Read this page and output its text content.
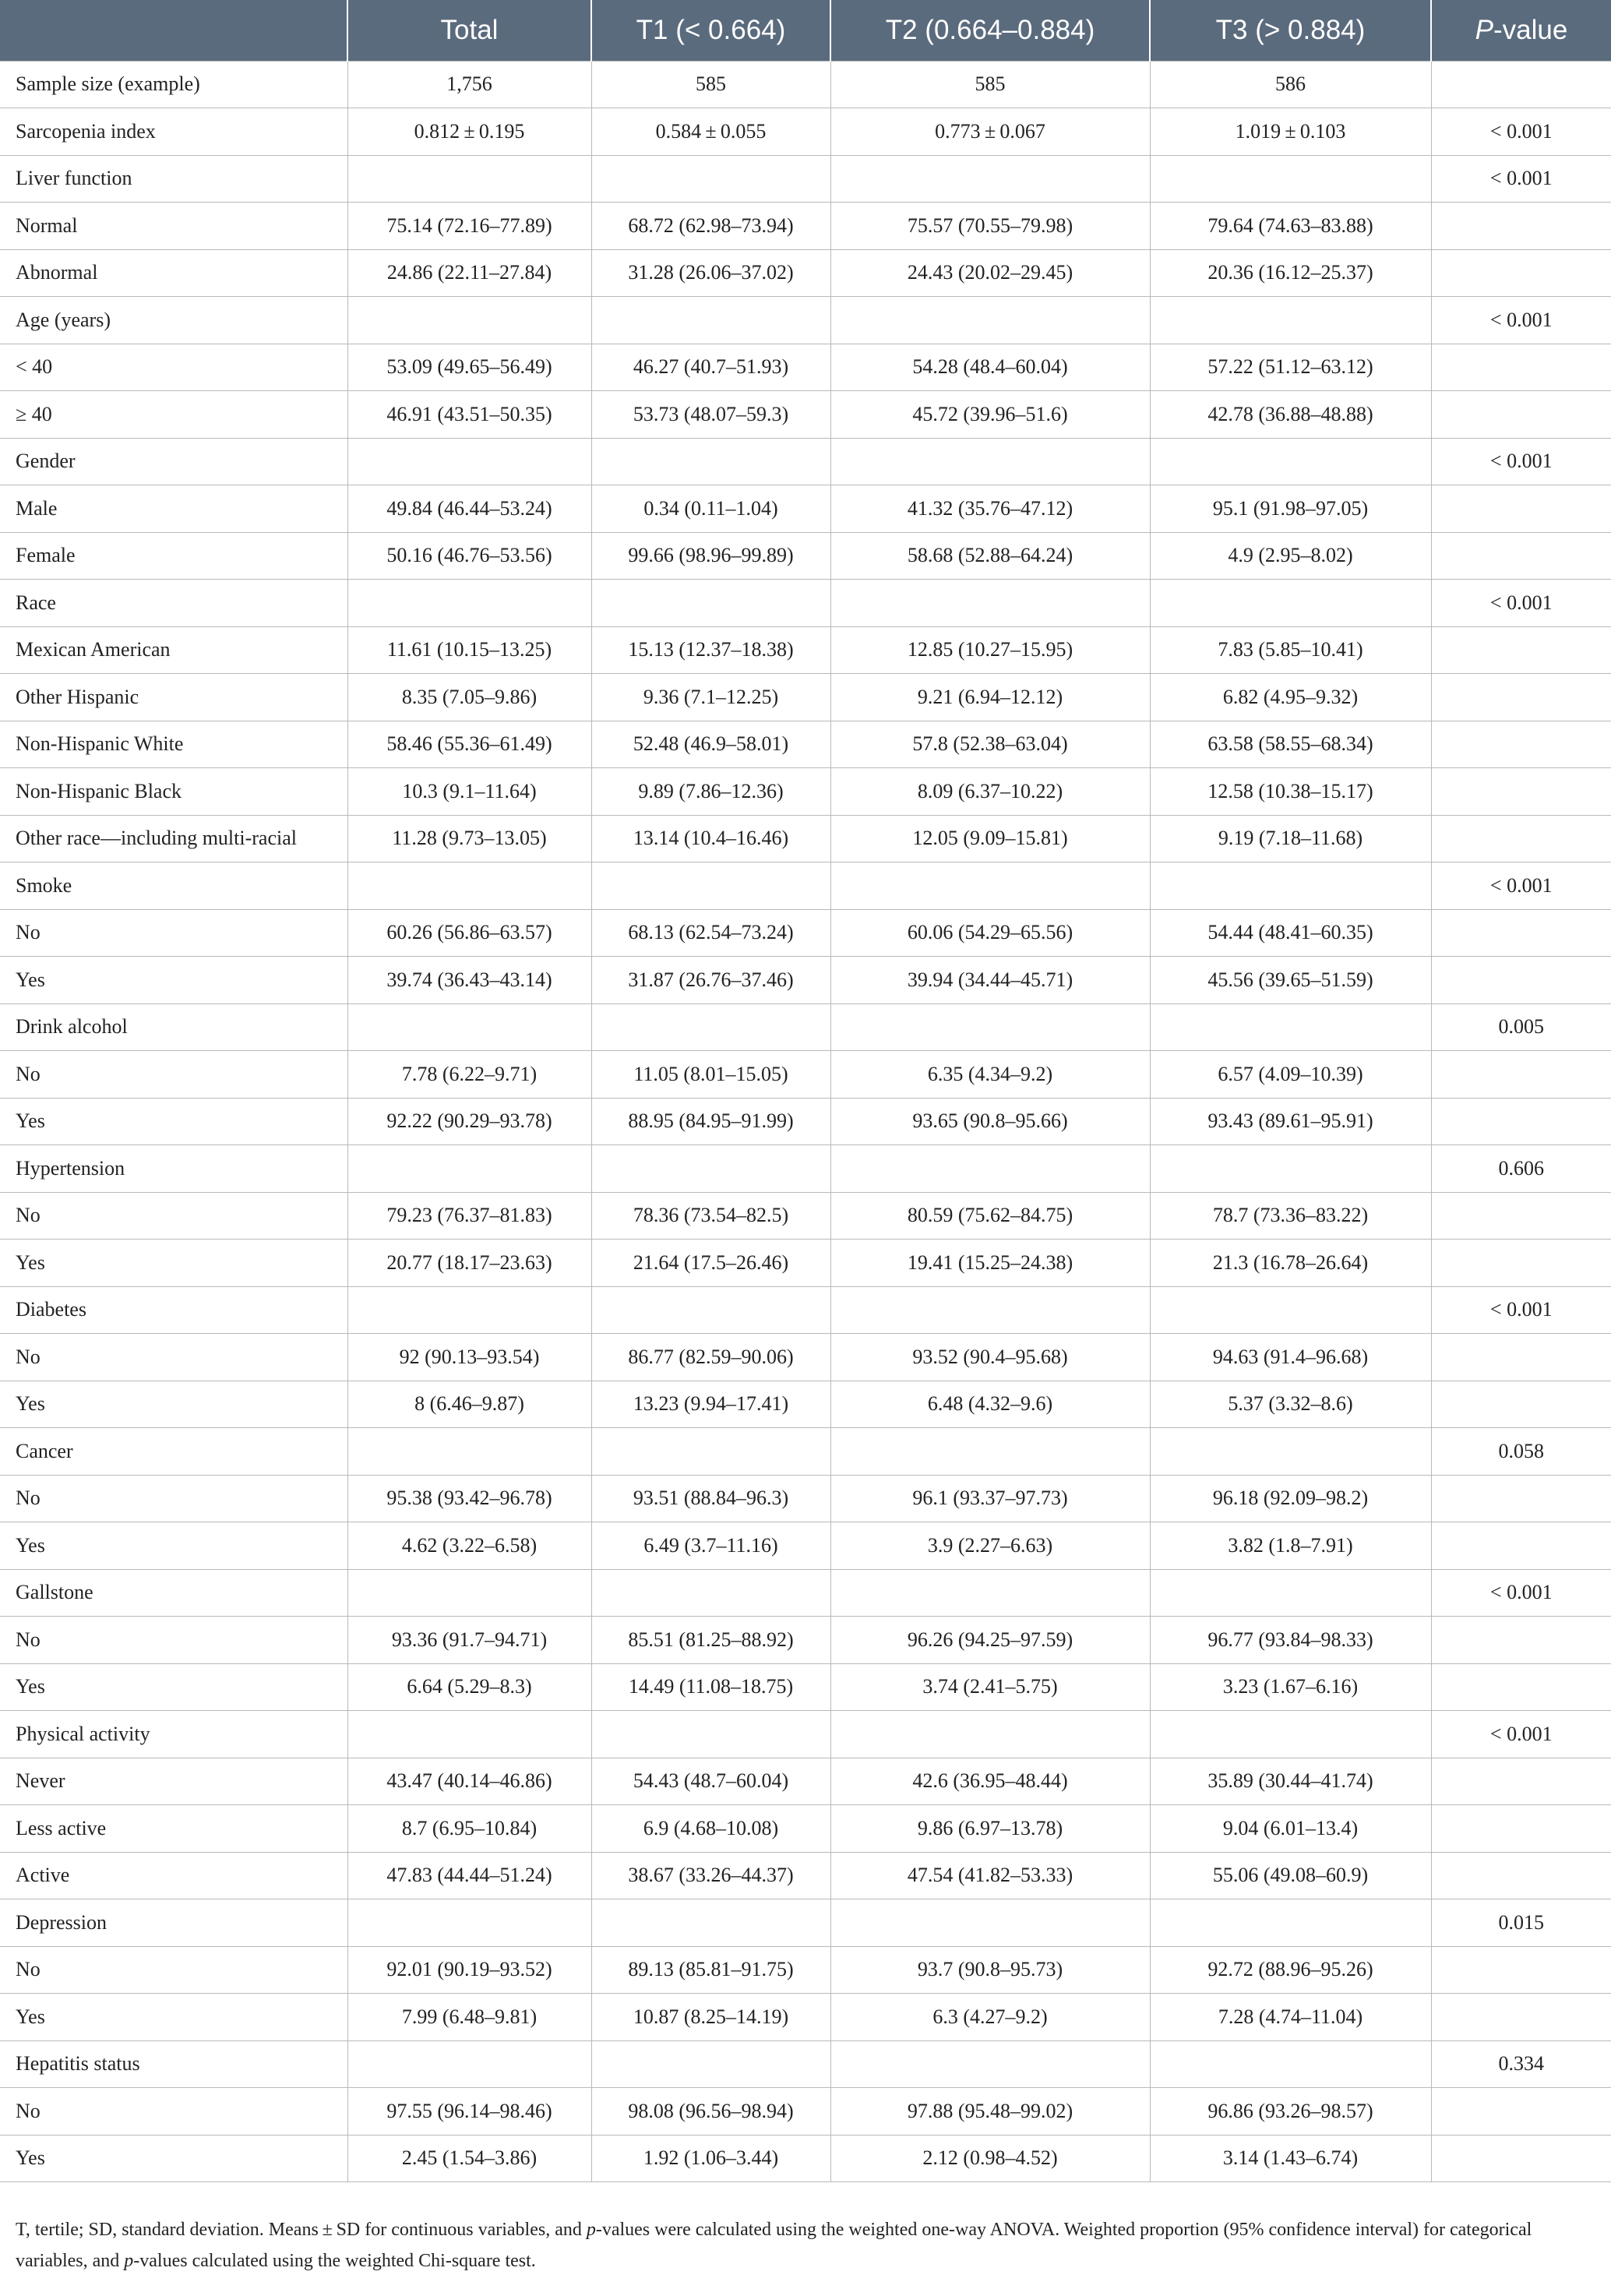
	Total	T1 (< 0.664)	T2 (0.664–0.884)	T3 (> 0.884)	P-value
Sample size (example)	1,756	585	585	586	
Sarcopenia index	0.812 ± 0.195	0.584 ± 0.055	0.773 ± 0.067	1.019 ± 0.103	< 0.001
Liver function					< 0.001
Normal	75.14 (72.16–77.89)	68.72 (62.98–73.94)	75.57 (70.55–79.98)	79.64 (74.63–83.88)	
Abnormal	24.86 (22.11–27.84)	31.28 (26.06–37.02)	24.43 (20.02–29.45)	20.36 (16.12–25.37)	
Age (years)					< 0.001
< 40	53.09 (49.65–56.49)	46.27 (40.7–51.93)	54.28 (48.4–60.04)	57.22 (51.12–63.12)	
≥ 40	46.91 (43.51–50.35)	53.73 (48.07–59.3)	45.72 (39.96–51.6)	42.78 (36.88–48.88)	
Gender					< 0.001
Male	49.84 (46.44–53.24)	0.34 (0.11–1.04)	41.32 (35.76–47.12)	95.1 (91.98–97.05)	
Female	50.16 (46.76–53.56)	99.66 (98.96–99.89)	58.68 (52.88–64.24)	4.9 (2.95–8.02)	
Race					< 0.001
Mexican American	11.61 (10.15–13.25)	15.13 (12.37–18.38)	12.85 (10.27–15.95)	7.83 (5.85–10.41)	
Other Hispanic	8.35 (7.05–9.86)	9.36 (7.1–12.25)	9.21 (6.94–12.12)	6.82 (4.95–9.32)	
Non-Hispanic White	58.46 (55.36–61.49)	52.48 (46.9–58.01)	57.8 (52.38–63.04)	63.58 (58.55–68.34)	
Non-Hispanic Black	10.3 (9.1–11.64)	9.89 (7.86–12.36)	8.09 (6.37–10.22)	12.58 (10.38–15.17)	
Other race—including multi-racial	11.28 (9.73–13.05)	13.14 (10.4–16.46)	12.05 (9.09–15.81)	9.19 (7.18–11.68)	
Smoke					< 0.001
No	60.26 (56.86–63.57)	68.13 (62.54–73.24)	60.06 (54.29–65.56)	54.44 (48.41–60.35)	
Yes	39.74 (36.43–43.14)	31.87 (26.76–37.46)	39.94 (34.44–45.71)	45.56 (39.65–51.59)	
Drink alcohol					0.005
No	7.78 (6.22–9.71)	11.05 (8.01–15.05)	6.35 (4.34–9.2)	6.57 (4.09–10.39)	
Yes	92.22 (90.29–93.78)	88.95 (84.95–91.99)	93.65 (90.8–95.66)	93.43 (89.61–95.91)	
Hypertension					0.606
No	79.23 (76.37–81.83)	78.36 (73.54–82.5)	80.59 (75.62–84.75)	78.7 (73.36–83.22)	
Yes	20.77 (18.17–23.63)	21.64 (17.5–26.46)	19.41 (15.25–24.38)	21.3 (16.78–26.64)	
Diabetes					< 0.001
No	92 (90.13–93.54)	86.77 (82.59–90.06)	93.52 (90.4–95.68)	94.63 (91.4–96.68)	
Yes	8 (6.46–9.87)	13.23 (9.94–17.41)	6.48 (4.32–9.6)	5.37 (3.32–8.6)	
Cancer					0.058
No	95.38 (93.42–96.78)	93.51 (88.84–96.3)	96.1 (93.37–97.73)	96.18 (92.09–98.2)	
Yes	4.62 (3.22–6.58)	6.49 (3.7–11.16)	3.9 (2.27–6.63)	3.82 (1.8–7.91)	
Gallstone					< 0.001
No	93.36 (91.7–94.71)	85.51 (81.25–88.92)	96.26 (94.25–97.59)	96.77 (93.84–98.33)	
Yes	6.64 (5.29–8.3)	14.49 (11.08–18.75)	3.74 (2.41–5.75)	3.23 (1.67–6.16)	
Physical activity					< 0.001
Never	43.47 (40.14–46.86)	54.43 (48.7–60.04)	42.6 (36.95–48.44)	35.89 (30.44–41.74)	
Less active	8.7 (6.95–10.84)	6.9 (4.68–10.08)	9.86 (6.97–13.78)	9.04 (6.01–13.4)	
Active	47.83 (44.44–51.24)	38.67 (33.26–44.37)	47.54 (41.82–53.33)	55.06 (49.08–60.9)	
Depression					0.015
No	92.01 (90.19–93.52)	89.13 (85.81–91.75)	93.7 (90.8–95.73)	92.72 (88.96–95.26)	
Yes	7.99 (6.48–9.81)	10.87 (8.25–14.19)	6.3 (4.27–9.2)	7.28 (4.74–11.04)	
Hepatitis status					0.334
No	97.55 (96.14–98.46)	98.08 (96.56–98.94)	97.88 (95.48–99.02)	96.86 (93.26–98.57)	
Yes	2.45 (1.54–3.86)	1.92 (1.06–3.44)	2.12 (0.98–4.52)	3.14 (1.43–6.74)	

T, tertile; SD, standard deviation. Means ± SD for continuous variables, and p-values were calculated using the weighted one-way ANOVA. Weighted proportion (95% confidence interval) for categorical variables, and p-values calculated using the weighted Chi-square test.
